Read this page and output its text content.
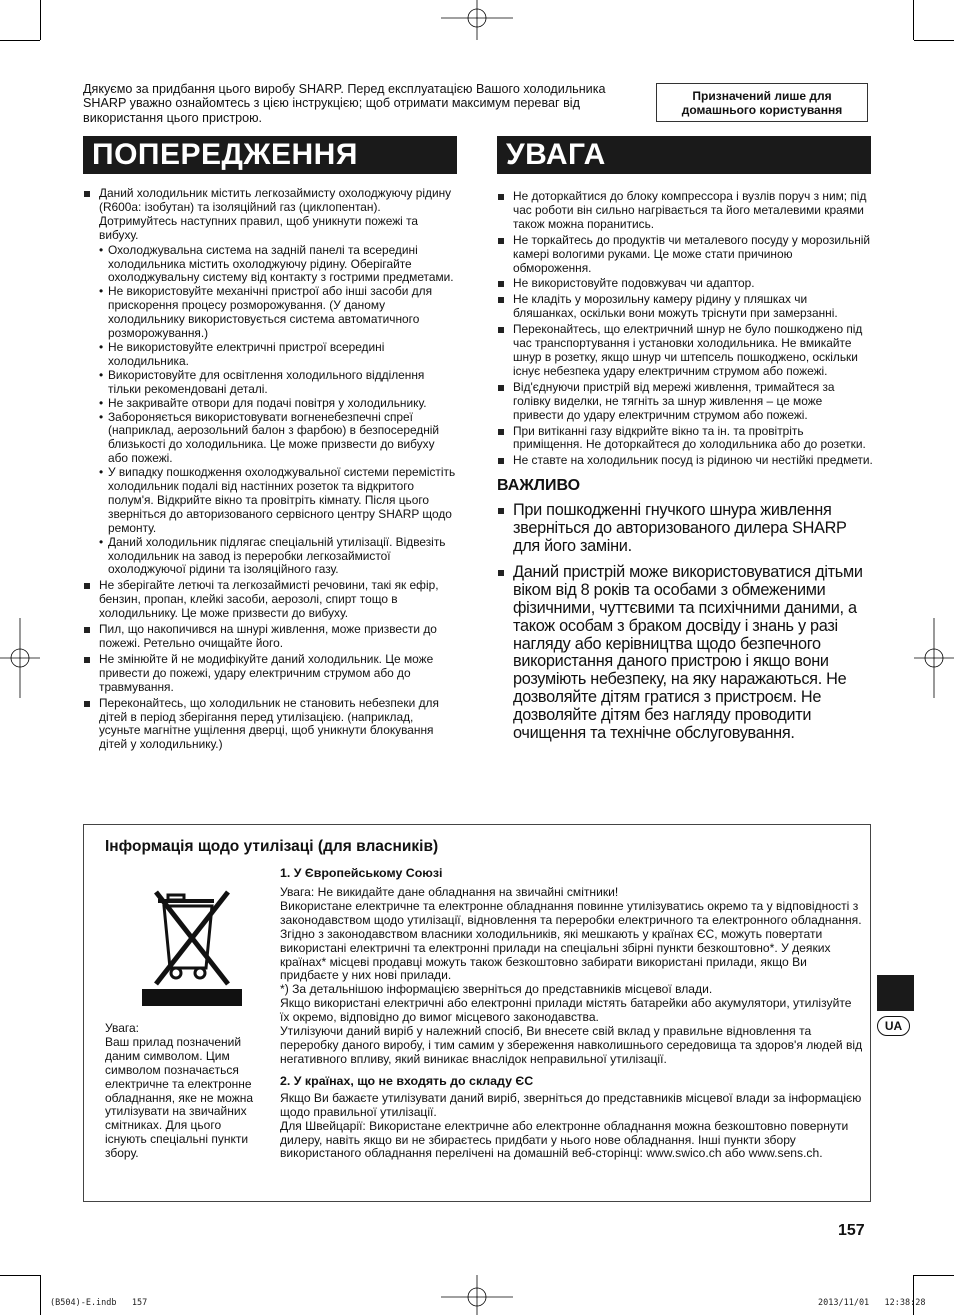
Дякуємо за придбання цього виробу SHARP. Перед експлуатацією Вашого холодильника SHARP уважно ознайомтесь з цією інструкцією; щоб отримати максимум переваг від використання цього пристрою.

Призначений лише для домашнього користування
ПОПЕРЕДЖЕННЯ
Даний холодильник містить легкозаймисту охолоджуючу рідину (R600a: ізобутан) та ізоляційний газ (циклопентан). Дотримуйтесь наступних правил, щоб уникнути пожежі та вибуху.
• Охолоджувальна система на задній панелі та всередині холодильника містить охолоджуючу рідину. Оберігайте охолоджувальну систему від контакту з гострими предметами.
• Не використовуйте механічні пристрої або інші засоби для прискорення процесу розморожування. (У даному холодильнику використовується система автоматичного розморожування.)
• Не використовуйте електричні пристрої всередині холодильника.
• Використовуйте для освітлення холодильного відділення тільки рекомендовані деталі.
• Не закривайте отвори для подачі повітря у холодильнику.
• Забороняється використовувати вогненебезпечні спреї (наприклад, аерозольний балон з фарбою) в безпосередній близькості до холодильника. Це може призвести до вибуху або пожежі.
• У випадку пошкодження охолоджувальної системи перемістіть холодильник подалі від настінних розеток та відкритого полум'я. Відкрийте вікно та провітріть кімнату. Після цього зверніться до авторизованого сервісного центру SHARP щодо ремонту.
• Даний холодильник підлягає спеціальній утилізації. Відвезіть холодильник на завод із переробки легкозаймистої охолоджуючої рідини та ізоляційного газу.
Не зберігайте летючі та легкозаймисті речовини, такі як ефір, бензин, пропан, клейкі засоби, аерозолі, спирт тощо в холодильнику. Це може призвести до вибуху.
Пил, що накопичився на шнурі живлення, може призвести до пожежі. Ретельно очищайте його.
Не змінюйте й не модифікуйте даний холодильник. Це може привести до пожежі, удару електричним струмом або до травмування.
Переконайтесь, що холодильник не становить небезпеки для дітей в період зберігання перед утилізацією. (наприклад, усуньте магнітне ущілення дверці, щоб уникнути блокування дітей у холодильнику.)
УВАГА
Не доторкайтися до блоку компрессора і вузлів поруч з ним; під час роботи він сильно нагрівається та його металевими краями також можна поранитись.
Не торкайтесь до продуктів чи металевого посуду у морозильній камері вологими руками. Це може стати причиною обмороження.
Не використовуйте подовжувач чи адаптор.
Не кладіть у морозильну камеру рідину у пляшках чи бляшанках, оскільки вони можуть тріснути при замерзанні.
Переконайтесь, що електричний шнур не було пошкоджено під час транспортування і установки холодильника. Не вмикайте шнур в розетку, якщо шнур чи штепсель пошкоджено, оскільки існує небезпека удару електричним струмом або пожежі.
Від'єднуючи пристрій від мережі живлення, тримайтеся за голівку виделки, не тягніть за шнур живлення – це може привести до удару електричним струмом або пожежі.
При витіканні газу відкрийте вікно та ін. та провітріть приміщення. Не доторкайтеся до холодильника або до розетки.
Не ставте на холодильник посуд із рідиною чи нестійкі предмети.
ВАЖЛИВО
При пошкодженні гнучкого шнура живлення зверніться до авторизованого дилера SHARP для його заміни.
Даний пристрій може використовуватися дітьми віком від 8 років та особами з обмеженими фізичними, чуттєвими та психічними даними, а також особам з браком досвіду і знань у разі нагляду або керівництва щодо безпечного використання даного пристрою і якщо вони розуміють небезпеку, на яку наражаються. Не дозволяйте дітям гратися з пристроєм. Не дозволяйте дітям без нагляду проводити очищення та технічне обслуговування.
Інформація щодо утилізаці (для власників)

Увага:
Ваш прилад позначений даним символом. Цим символом позначається електричне та електронне обладнання, яке не можна утилізувати на звичайних смітниках. Для цього існують спеціальні пункти збору.

1. У Європейському Союзі

Увага: Не викидайте дане обладнання на звичайні смітники!
Використане електричне та електронне обладнання повинне утилізуватись окремо та у відповідності з законодавством щодо утилізації, відновлення та переробки електричного та електронного обладнання.
Згідно з законодавством власники холодильників, які мешкають у країнах ЄС, можуть повертати використані електричні та електронні прилади на спеціальні збірні пункти безкоштовно*. У деяких країнах* місцеві продавці можуть також безкоштовно забирати використані прилади, якщо Ви придбаєте у них нові прилади.
*) За детальнішою інформацією зверніться до представників місцевої влади.
Якщо використані електричні або електронні прилади містять батарейки або акумулятори, утилізуйте їх окремо, відповідно до вимог місцевого законодавства.
Утилізуючи даний виріб у належний спосіб, Ви внесете свій вклад у правильне відновлення та переробку даного виробу, і тим самим у збереження навколишнього середовища та здоров'я людей від негативного впливу, який виникає внаслідок неправильної утилізації.

2. У країнах, що не входять до складу ЄС

Якщо Ви бажаєте утилізувати даний виріб, зверніться до представників місцевої влади за інформацією щодо правильної утилізації.
Для Швейцарії: Використане електричне або електронне обладнання можна безкоштовно повернути дилеру, навіть якщо ви не збираєтесь придбати у нього нове обладнання. Інші пункти збору використаного обладнання перелічені на домашній веб-сторінці: www.swico.ch або www.sens.ch.

UA
157
(B504)-E.indb   157	2013/11/01   12:38:28
